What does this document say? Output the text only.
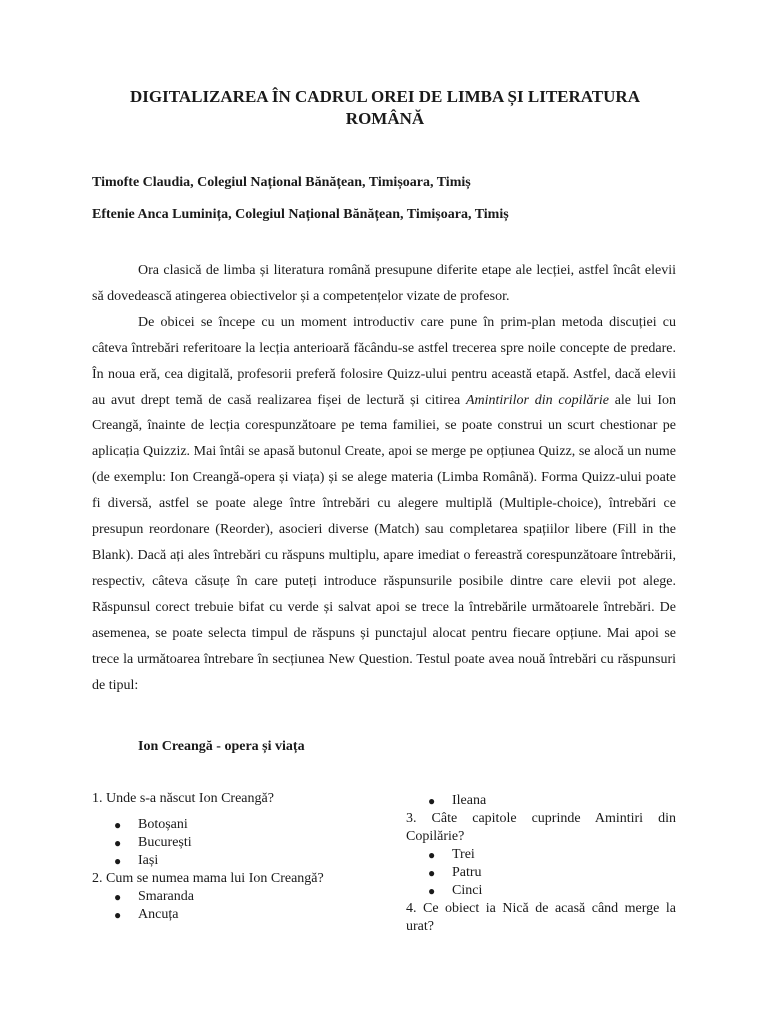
DIGITALIZAREA ÎN CADRUL OREI DE LIMBA ȘI LITERATURA ROMÂNĂ
Timofte Claudia, Colegiul Național Bănățean, Timișoara, Timiș
Eftenie Anca Luminița, Colegiul Național Bănățean, Timișoara, Timiș

Ora clasică de limba și literatura română presupune diferite etape ale lecției, astfel încât elevii să dovedească atingerea obiectivelor și a competențelor vizate de profesor.

De obicei se începe cu un moment introductiv care pune în prim-plan metoda discuției cu câteva întrebări referitoare la lecția anterioară făcându-se astfel trecerea spre noile concepte de predare. În noua eră, cea digitală, profesorii preferă folosire Quizz-ului pentru această etapă. Astfel, dacă elevii au avut drept temă de casă realizarea fișei de lectură și citirea Amintirilor din copilărie ale lui Ion Creangă, înainte de lecția corespunzătoare pe tema familiei, se poate construi un scurt chestionar pe aplicația Quizziz. Mai întâi se apasă butonul Create, apoi se merge pe opțiunea Quizz, se alocă un nume (de exemplu: Ion Creangă-opera și viața) și se alege materia (Limba Română). Forma Quizz-ului poate fi diversă, astfel se poate alege între întrebări cu alegere multiplă (Multiple-choice), întrebări ce presupun reordonare (Reorder), asocieri diverse (Match) sau completarea spațiilor libere (Fill in the Blank). Dacă ați ales întrebări cu răspuns multiplu, apare imediat o fereastră corespunzătoare întrebării, respectiv, câteva căsuțe în care puteți introduce răspunsurile posibile dintre care elevii pot alege. Răspunsul corect trebuie bifat cu verde și salvat apoi se trece la întrebările următoarele întrebări. De asemenea, se poate selecta timpul de răspuns și punctajul alocat pentru fiecare opțiune. Mai apoi se trece la următoarea întrebare în secțiunea New Question. Testul poate avea nouă întrebări cu răspunsuri de tipul:

Ion Creangă - opera și viața
1. Unde s-a născut Ion Creangă?
● Botoșani
● București
● Iași
2. Cum se numea mama lui Ion Creangă?
● Smaranda
● Ancuța
● Ileana
3. Câte capitole cuprinde Amintiri din Copilărie?
● Trei
● Patru
● Cinci
4. Ce obiect ia Nică de acasă când merge la urat?
